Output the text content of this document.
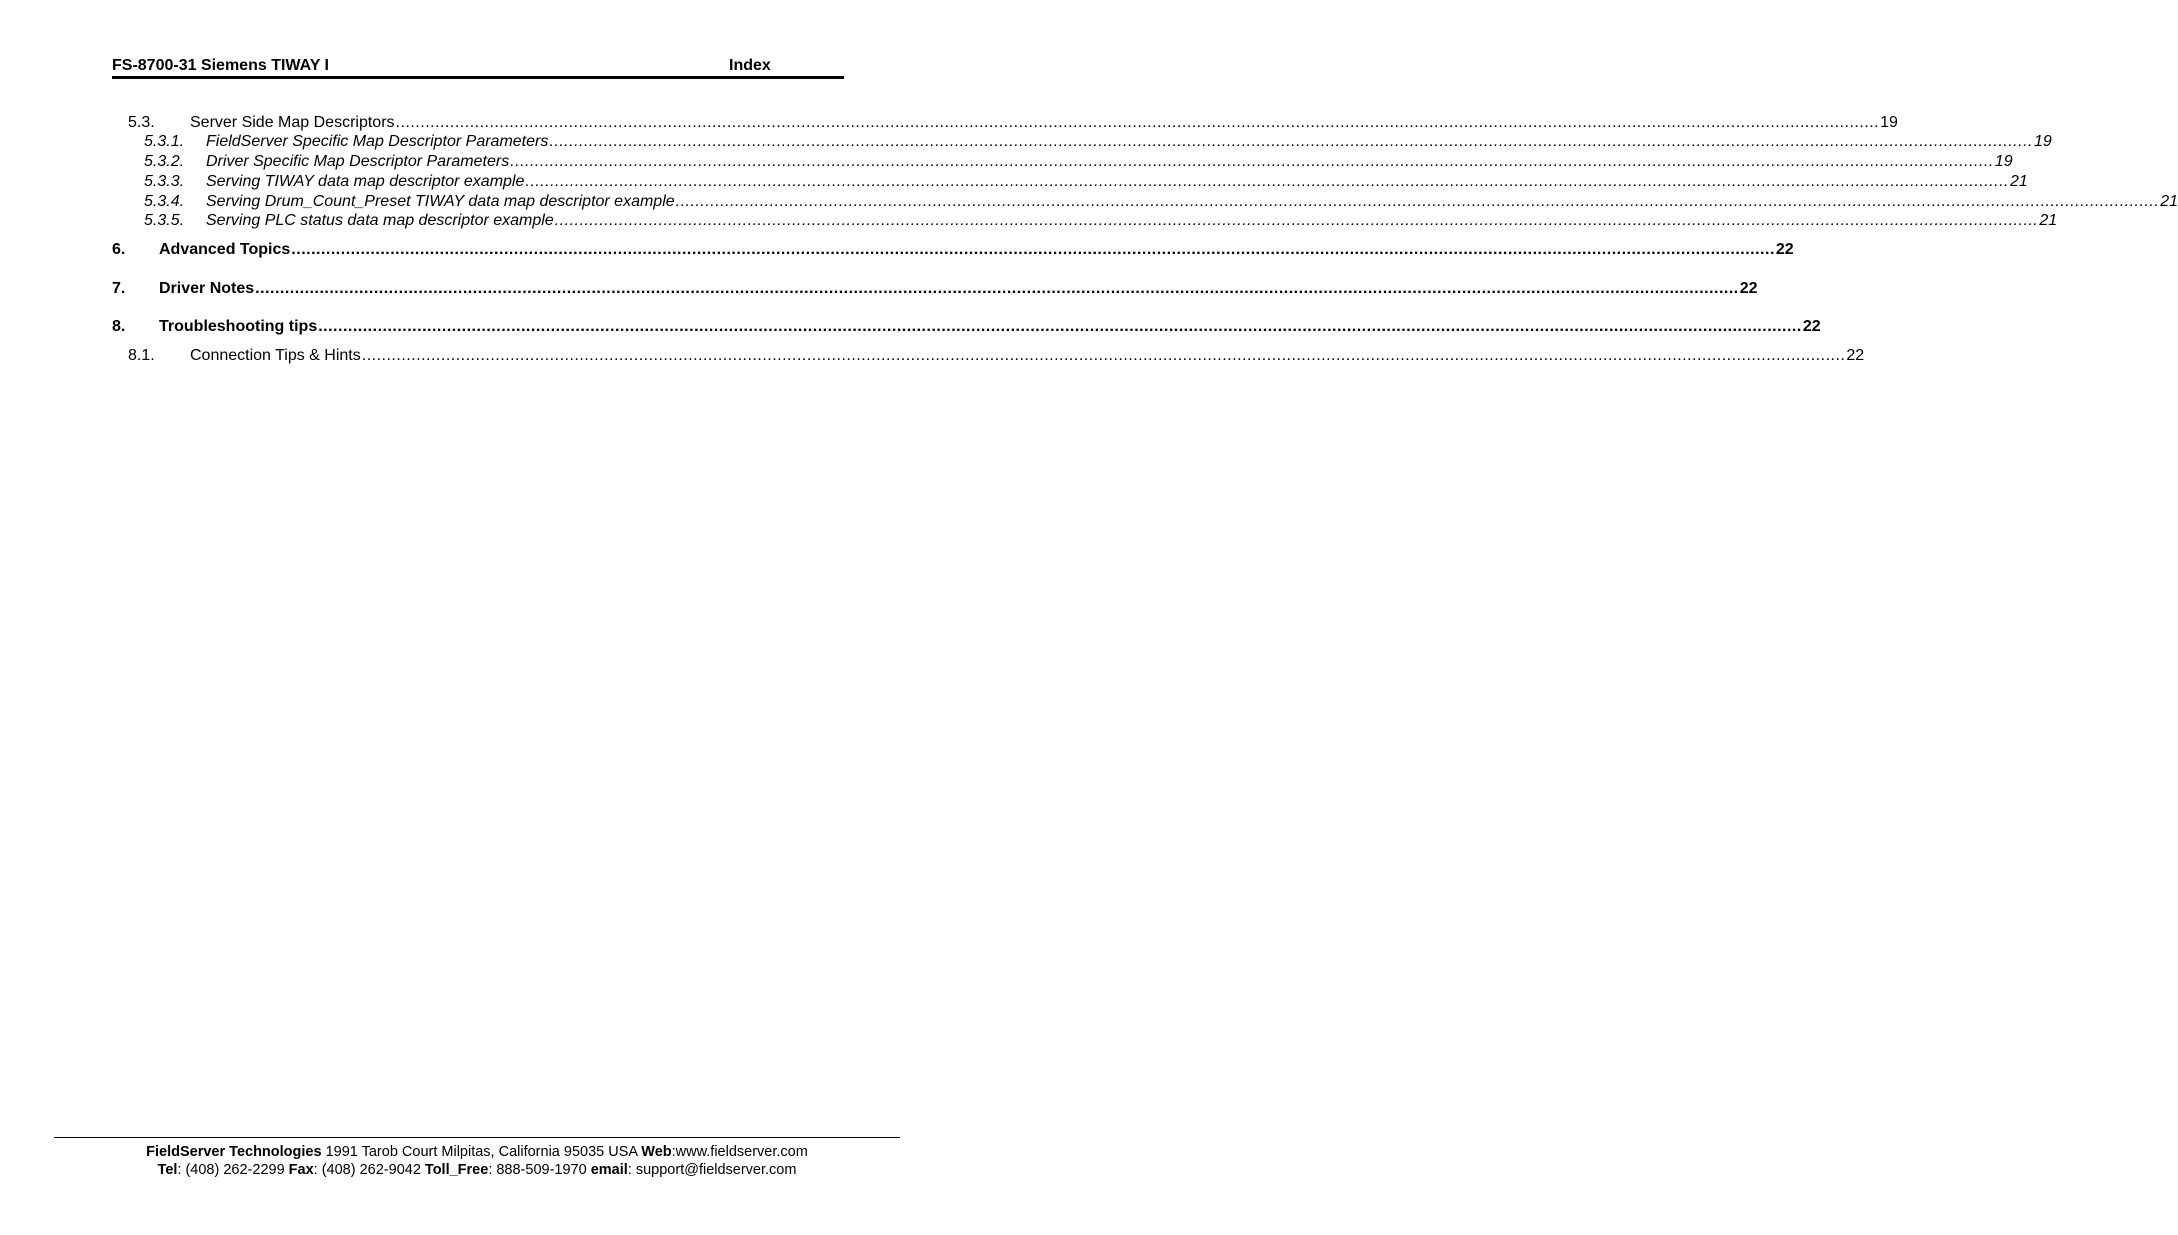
FS-8700-31 Siemens TIWAY I	Index
5.3.	Server Side Map Descriptors ............................................................................................................................................................................................................................................................................................................ 19
5.3.1.	FieldServer Specific Map Descriptor Parameters ............................................................................................................................................................................................................................................................................................................ 19
5.3.2.	Driver Specific Map Descriptor Parameters ............................................................................................................................................................................................................................................................................................................ 19
5.3.3.	Serving TIWAY data map descriptor example ............................................................................................................................................................................................................................................................................................................ 21
5.3.4.	Serving Drum_Count_Preset TIWAY data map descriptor example ............................................................................................................................................................................................................................................................................................................ 21
5.3.5.	Serving PLC status data map descriptor example ............................................................................................................................................................................................................................................................................................................ 21
6.	Advanced Topics ............................................................................................................................................................................................................................................................................................................ 22
7.	Driver Notes ............................................................................................................................................................................................................................................................................................................ 22
8.	Troubleshooting tips ............................................................................................................................................................................................................................................................................................................ 22
8.1.	Connection Tips & Hints ............................................................................................................................................................................................................................................................................................................ 22
FieldServer Technologies 1991 Tarob Court Milpitas, California 95035 USA Web:www.fieldserver.com
Tel: (408) 262-2299 Fax: (408) 262-9042 Toll_Free: 888-509-1970 email: support@fieldserver.com
